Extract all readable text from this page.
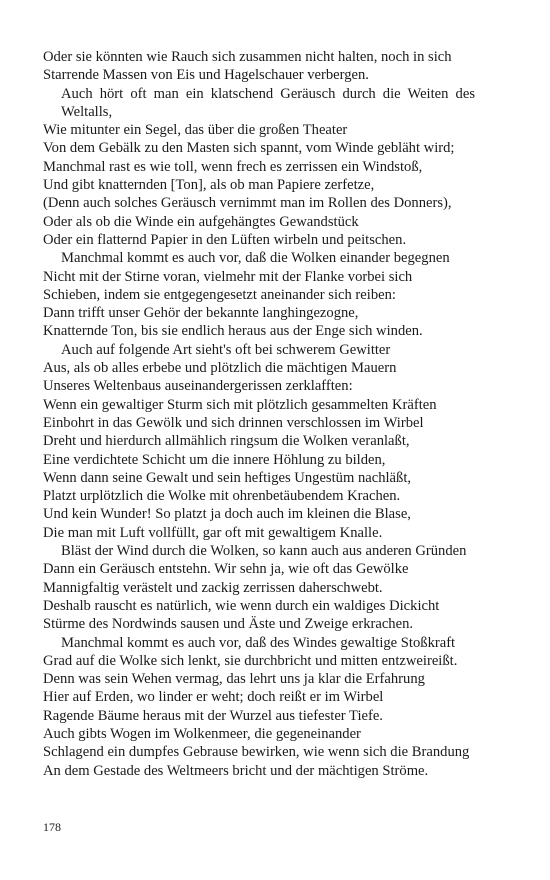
Oder sie könnten wie Rauch sich zusammen nicht halten, noch in sich
Starrende Massen von Eis und Hagelschauer verbergen.
Auch hört oft man ein klatschend Geräusch durch die Weiten des Weltalls,
Wie mitunter ein Segel, das über die großen Theater
Von dem Gebälk zu den Masten sich spannt, vom Winde gebläht wird;
Manchmal rast es wie toll, wenn frech es zerrissen ein Windstoß,
Und gibt knatternden [Ton], als ob man Papiere zerfetze,
(Denn auch solches Geräusch vernimmt man im Rollen des Donners),
Oder als ob die Winde ein aufgehängtes Gewandstück
Oder ein flatternd Papier in den Lüften wirbeln und peitschen.
Manchmal kommt es auch vor, daß die Wolken einander begegnen
Nicht mit der Stirne voran, vielmehr mit der Flanke vorbei sich
Schieben, indem sie entgegengesetzt aneinander sich reiben:
Dann trifft unser Gehör der bekannte langhingezogne,
Knatternde Ton, bis sie endlich heraus aus der Enge sich winden.
Auch auf folgende Art sieht's oft bei schwerem Gewitter
Aus, als ob alles erbebe und plötzlich die mächtigen Mauern
Unseres Weltenbaus auseinandergerissen zerklafften:
Wenn ein gewaltiger Sturm sich mit plötzlich gesammelten Kräften
Einbohrt in das Gewölk und sich drinnen verschlossen im Wirbel
Dreht und hierdurch allmählich ringsum die Wolken veranlaßt,
Eine verdichtete Schicht um die innere Höhlung zu bilden,
Wenn dann seine Gewalt und sein heftiges Ungestüm nachläßt,
Platzt urplötzlich die Wolke mit ohrenbetäubendem Krachen.
Und kein Wunder! So platzt ja doch auch im kleinen die Blase,
Die man mit Luft vollfüllt, gar oft mit gewaltigem Knalle.
Bläst der Wind durch die Wolken, so kann auch aus anderen Gründen
Dann ein Geräusch entstehn. Wir sehn ja, wie oft das Gewölke
Mannigfaltig verästelt und zackig zerrissen daherschwebt.
Deshalb rauscht es natürlich, wie wenn durch ein waldiges Dickicht
Stürme des Nordwinds sausen und Äste und Zweige erkrachen.
Manchmal kommt es auch vor, daß des Windes gewaltige Stoßkraft
Grad auf die Wolke sich lenkt, sie durchbricht und mitten entzweireißt.
Denn was sein Wehen vermag, das lehrt uns ja klar die Erfahrung
Hier auf Erden, wo linder er weht; doch reißt er im Wirbel
Ragende Bäume heraus mit der Wurzel aus tiefester Tiefe.
Auch gibts Wogen im Wolkenmeer, die gegeneinander
Schlagend ein dumpfes Gebrause bewirken, wie wenn sich die Brandung
An dem Gestade des Weltmeers bricht und der mächtigen Ströme.
178
